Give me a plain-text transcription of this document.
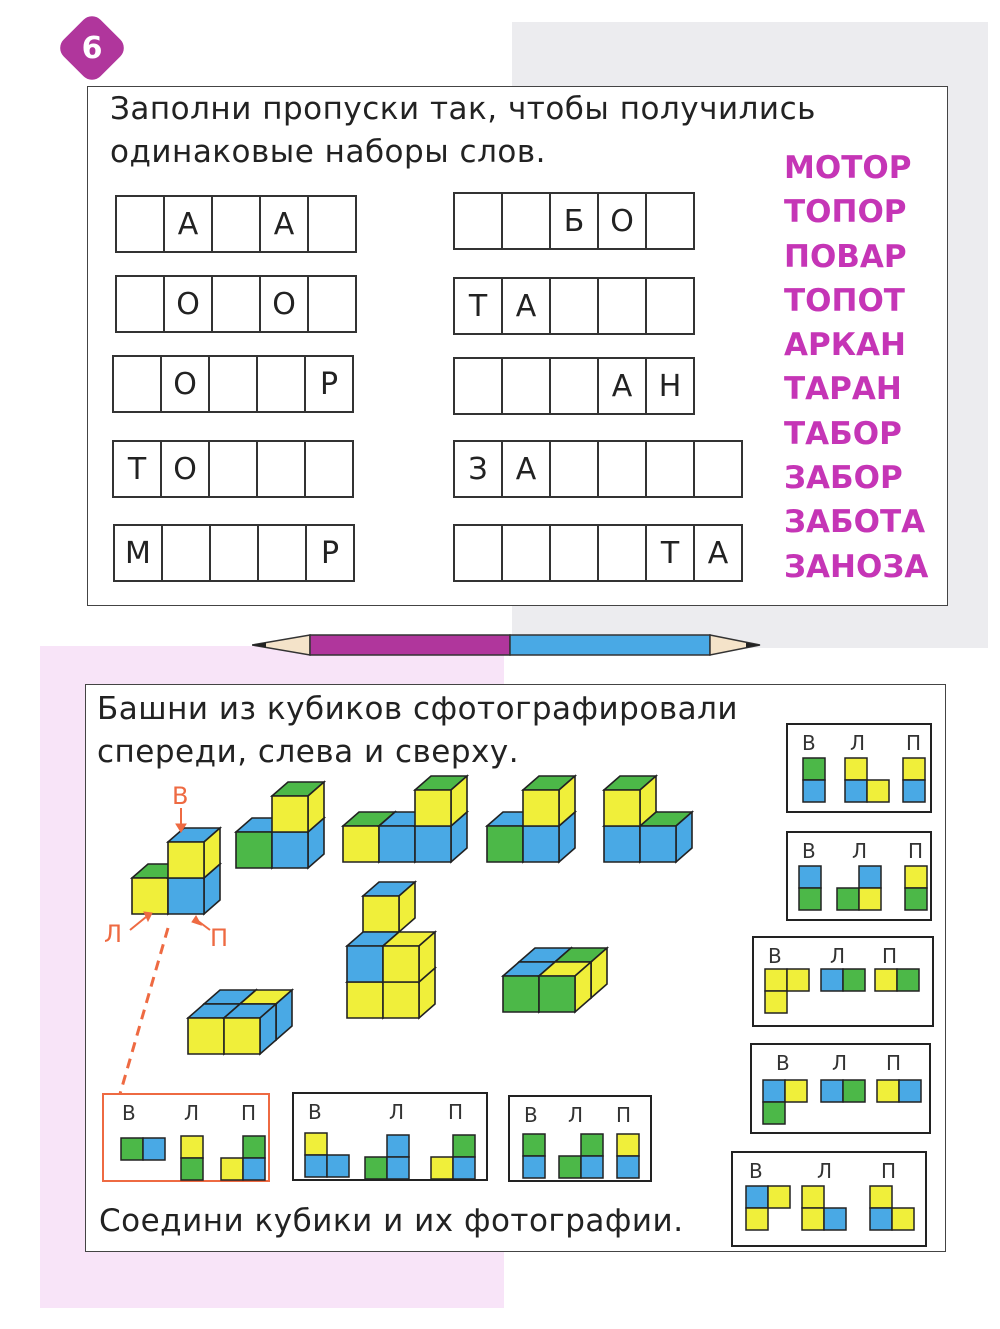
6
Заполни пропуски так, чтобы получились
одинаковые наборы слов.
А	А
О	О
О	Р
Т О
М	Р
Б О
Т А
А Н
З А
Т А
МОТОР
ТОПОР
ПОВАР
ТОПОТ
АРКАН
ТАРАН
ТАБОР
ЗАБОР
ЗАБОТА
ЗАНОЗА
Башни из кубиков сфотографировали
спереди, слева и сверху.
Соедини кубики и их фотографии.
В
Л	П
В Л П	В	Л П	В Л П
В Л П
В Л П
В Л П
В Л П
В	Л П
